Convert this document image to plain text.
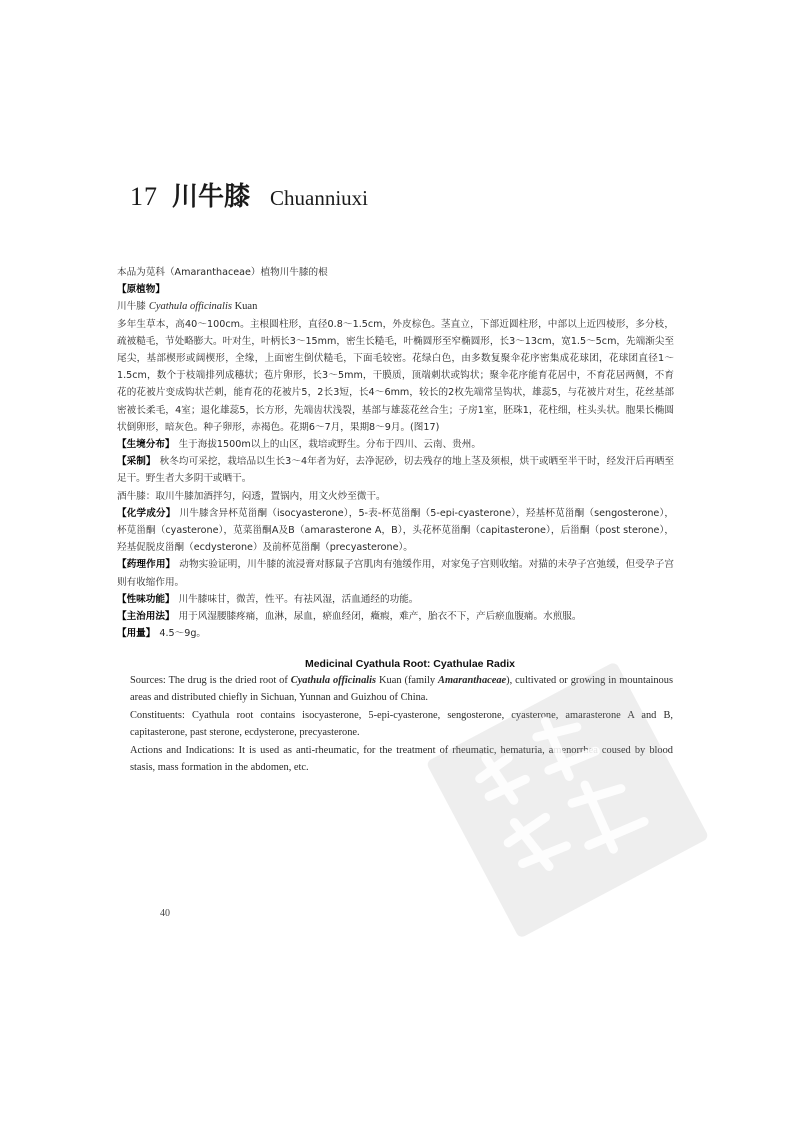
17 川牛膝 Chuanniuxi

本品为苋科（Amaranthaceae）植物川牛膝的根

【原植物】

川牛膝 Cyathula officinalis Kuan

多年生草本，高40～100cm。主根圆柱形，直径0.8～1.5cm，外皮棕色。茎直立，下部近圆柱形，中部以上近四棱形，多分枝，疏被糙毛，节处略膨大。叶对生，叶柄长3～15mm，密生长糙毛，叶椭圆形至窄椭圆形，长3～13cm，宽1.5～5cm，先端渐尖至尾尖，基部楔形或阔楔形，全缘，上面密生倒伏糙毛，下面毛较密。花绿白色，由多数复聚伞花序密集成花球团，花球团直径1～1.5cm，数个于枝端排列成穗状；苞片卵形，长3～5mm，干膜质，顶端刺状或钩状；聚伞花序能育花居中，不育花居两侧，不育花的花被片变成钩状芒刺，能育花的花被片5，2长3短，长4～6mm，较长的2枚先端常呈钩状，雄蕊5，与花被片对生，花丝基部密被长柔毛，4室；退化雄蕊5，长方形，先端齿状浅裂，基部与雄蕊花丝合生；子房1室，胚珠1，花柱细，柱头头状。胞果长椭圆状倒卵形，暗灰色。种子卵形，赤褐色。花期6～7月，果期8～9月。(图17)

【生境分布】 生于海拔1500m以上的山区，栽培或野生。分布于四川、云南、贵州。

【采制】 秋冬均可采挖，栽培品以生长3～4年者为好，去净泥砂，切去残存的地上茎及须根，烘干或晒至半干时，经发汗后再晒至足干。野生者大多阴干或晒干。

酒牛膝：取川牛膝加酒拌匀，闷透，置锅内，用文火炒至微干。

【化学成分】 川牛膝含异杯苋甾酮（isocyasterone），5-表-杯苋甾酮（5-epi-cyasterone），羟基杯苋甾酮（sengosterone），杯苋甾酮（cyasterone），苋菜甾酮A及B（amarasterone A，B），头花杯苋甾酮（capitasterone），后甾酮（post sterone），羟基促脱皮甾酮（ecdysterone）及前杯苋甾酮（precyasterone）。

【药理作用】 动物实验证明，川牛膝的流浸膏对豚鼠子宫肌肉有弛缓作用，对家兔子宫则收缩。对猫的未孕子宫弛缓，但受孕子宫则有收缩作用。

【性味功能】 川牛膝味甘，微苦，性平。有祛风湿，活血通经的功能。

【主治用法】 用于风湿腰膝疼痛，血淋，尿血，瘀血经闭，癥瘕，难产，胎衣不下，产后瘀血腹痛。水煎服。

【用量】 4.5～9g。

Medicinal Cyathula Root: Cyathulae Radix

Sources: The drug is the dried root of Cyathula officinalis Kuan (family Amaranthaceae), cultivated or growing in mountainous areas and distributed chiefly in Sichuan, Yunnan and Guizhou of China.

Constituents: Cyathula root contains isocyasterone, 5-epi-cyasterone, sengosterone, cyasterone, amarasterone A and B, capitasterone, past sterone, ecdysterone, precyasterone.

Actions and Indications: It is used as anti-rheumatic, for the treatment of rheumatic, hematuria, amenorrhea coused by blood stasis, mass formation in the abdomen, etc.

40
